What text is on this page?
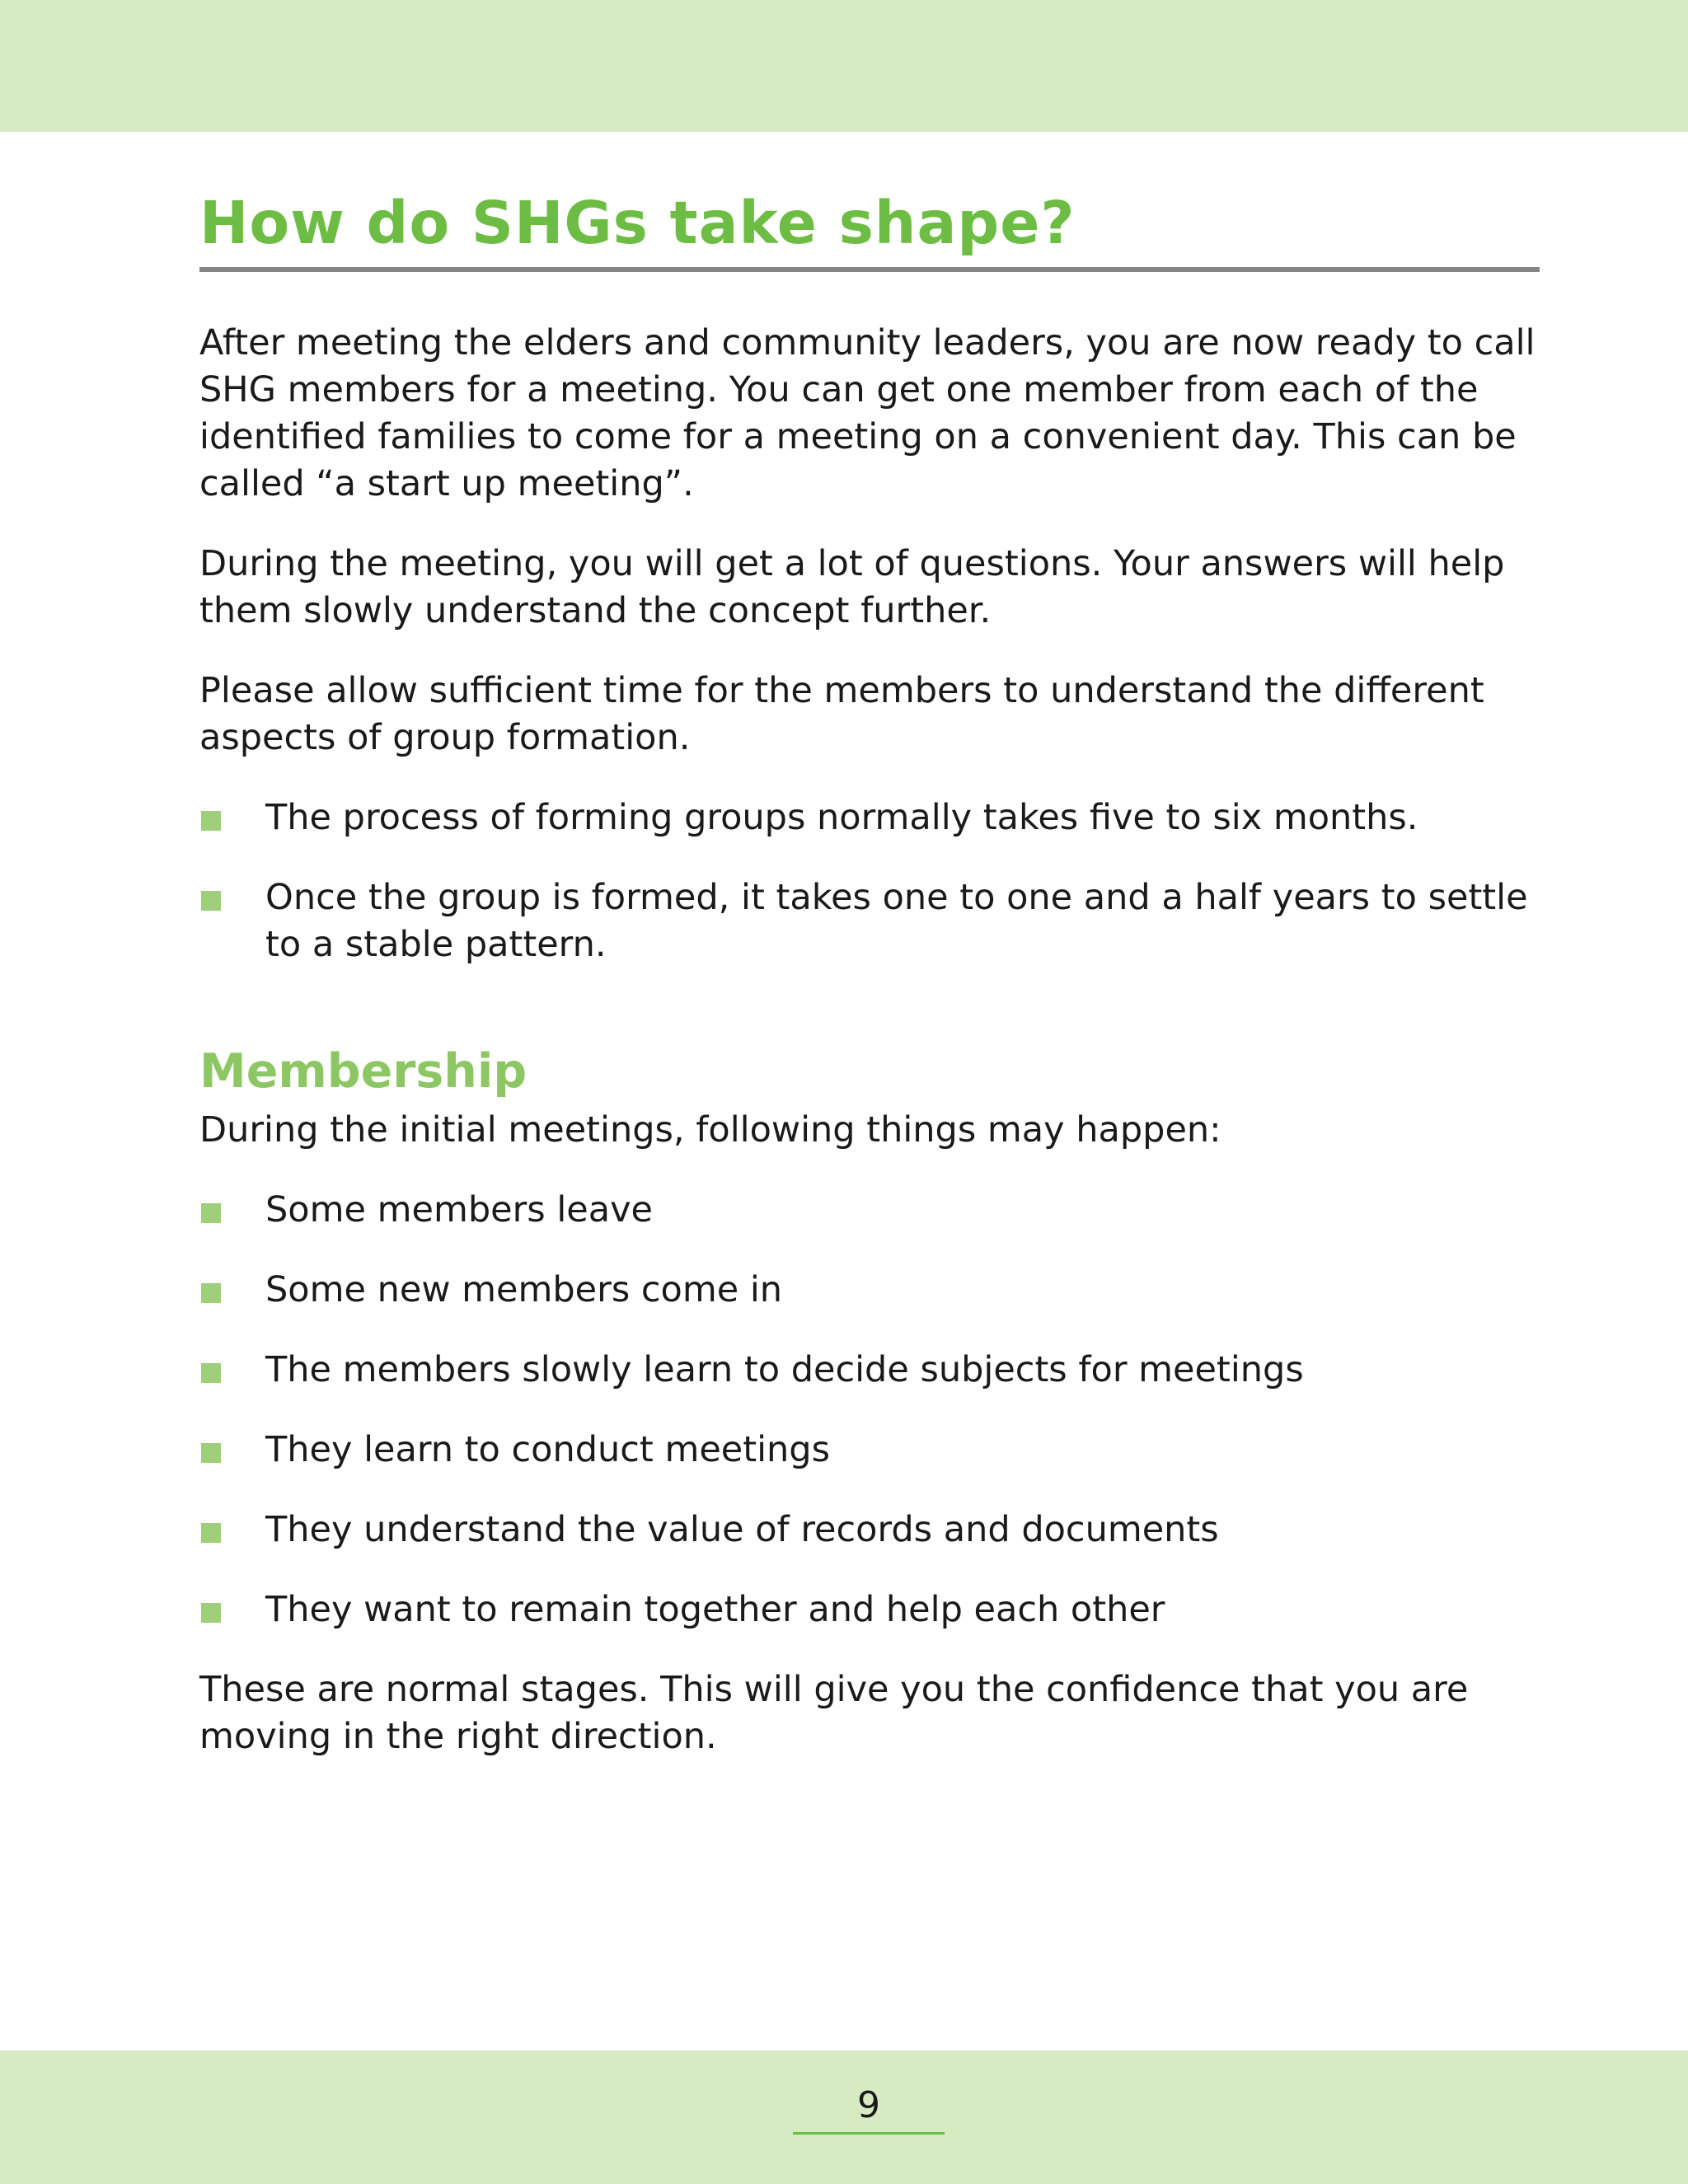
How do SHGs take shape?

After meeting the elders and community leaders, you are now ready to call SHG members for a meeting. You can get one member from each of the identified families to come for a meeting on a convenient day. This can be called “a start up meeting”.

During the meeting, you will get a lot of questions. Your answers will help them slowly understand the concept further.

Please allow sufficient time for the members to understand the different aspects of group formation.

The process of forming groups normally takes five to six months.
Once the group is formed, it takes one to one and a half years to settle to a stable pattern.
Membership

During the initial meetings, following things may happen:

Some members leave
Some new members come in
The members slowly learn to decide subjects for meetings
They learn to conduct meetings
They understand the value of records and documents
They want to remain together and help each other

These are normal stages. This will give you the confidence that you are moving in the right direction.

9
